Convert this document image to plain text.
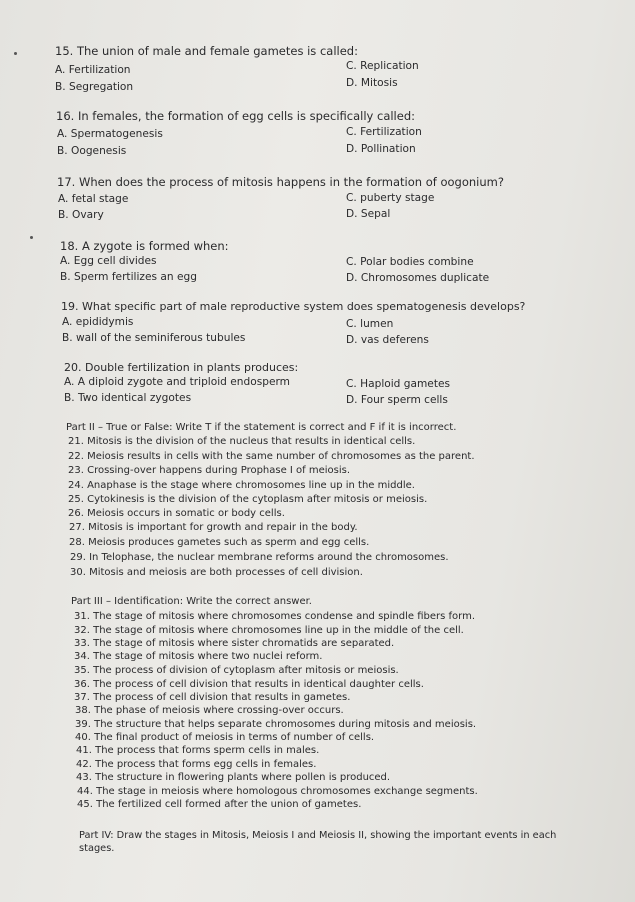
15. The union of male and female gametes is called:
A. Fertilization
B. Segregation
C. Replication
D. Mitosis
16. In females, the formation of egg cells is specifically called:
A. Spermatogenesis
B. Oogenesis
C. Fertilization
D. Pollination
17. When does the process of mitosis happens in the formation of oogonium?
A. fetal stage
B. Ovary
C. puberty stage
D. Sepal
18. A zygote is formed when:
A. Egg cell divides
B. Sperm fertilizes an egg
C. Polar bodies combine
D. Chromosomes duplicate
19. What specific part of male reproductive system does spematogenesis develops?
A. epididymis
B. wall of the seminiferous tubules
C. lumen
D. vas deferens
20. Double fertilization in plants produces:
A. A diploid zygote and triploid endosperm
B. Two identical zygotes
C. Haploid gametes
D. Four sperm cells
Part II – True or False: Write T if the statement is correct and F if it is incorrect.
21. Mitosis is the division of the nucleus that results in identical cells.
22. Meiosis results in cells with the same number of chromosomes as the parent.
23. Crossing-over happens during Prophase I of meiosis.
24. Anaphase is the stage where chromosomes line up in the middle.
25. Cytokinesis is the division of the cytoplasm after mitosis or meiosis.
26. Meiosis occurs in somatic or body cells.
27. Mitosis is important for growth and repair in the body.
28. Meiosis produces gametes such as sperm and egg cells.
29. In Telophase, the nuclear membrane reforms around the chromosomes.
30. Mitosis and meiosis are both processes of cell division.
Part III – Identification: Write the correct answer.
31. The stage of mitosis where chromosomes condense and spindle fibers form.
32. The stage of mitosis where chromosomes line up in the middle of the cell.
33. The stage of mitosis where sister chromatids are separated.
34. The stage of mitosis where two nuclei reform.
35. The process of division of cytoplasm after mitosis or meiosis.
36. The process of cell division that results in identical daughter cells.
37. The process of cell division that results in gametes.
38. The phase of meiosis where crossing-over occurs.
39. The structure that helps separate chromosomes during mitosis and meiosis.
40. The final product of meiosis in terms of number of cells.
41. The process that forms sperm cells in males.
42. The process that forms egg cells in females.
43. The structure in flowering plants where pollen is produced.
44. The stage in meiosis where homologous chromosomes exchange segments.
45. The fertilized cell formed after the union of gametes.
Part IV: Draw the stages in Mitosis, Meiosis I and Meiosis II, showing the important events in each
stages.
